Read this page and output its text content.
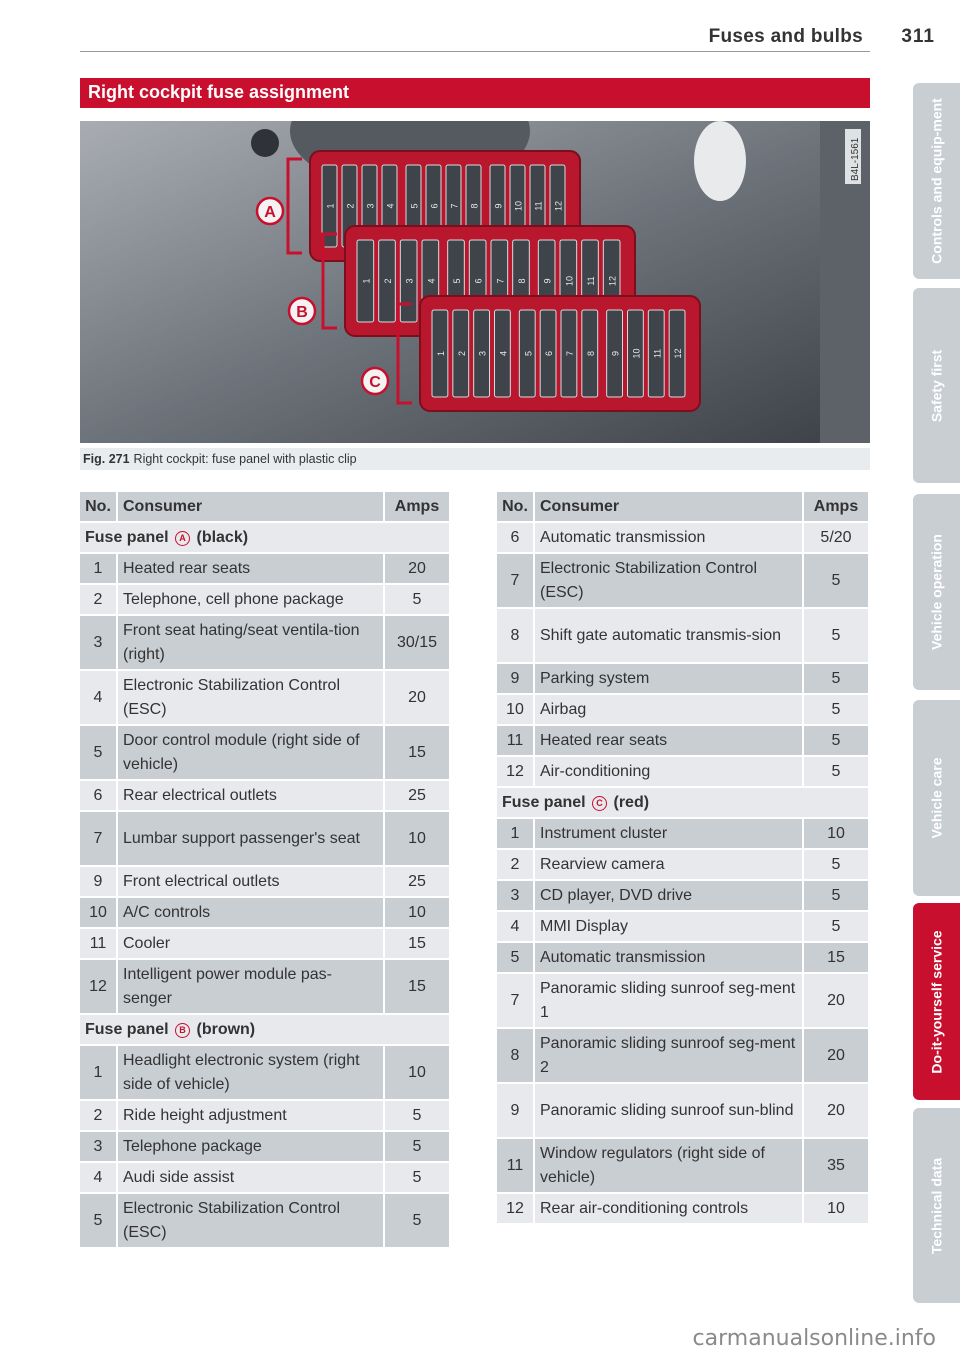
Fuses and bulbs 311
Right cockpit fuse assignment
B4L-1561
1 2 3 4 5 6 7 8 9 10 11 12
A
1 2 3 4 5 6 7 8 9 10 11 12
B
1 2 3 4 5 6 7 8 9 10 11 12
C
Fig. 271 Right cockpit: fuse panel with plastic clip
No.	Consumer	Amps
Fuse panel A (black)		
1	Heated rear seats	20
2	Telephone, cell phone package	5
3	Front seat hating/seat ventila-tion (right)	30/15
4	Electronic Stabilization Control (ESC)	20
5	Door control module (right side of vehicle)	15
6	Rear electrical outlets	25
7	Lumbar support passenger's seat	10
9	Front electrical outlets	25
10	A/C controls	10
11	Cooler	15
12	Intelligent power module pas-senger	15
Fuse panel B (brown)		
1	Headlight electronic system (right side of vehicle)	10
2	Ride height adjustment	5
3	Telephone package	5
4	Audi side assist	5
5	Electronic Stabilization Control (ESC)	5
No.	Consumer	Amps
6	Automatic transmission	5/20
7	Electronic Stabilization Control (ESC)	5
8	Shift gate automatic transmis-sion	5
9	Parking system	5
10	Airbag	5
11	Heated rear seats	5
12	Air-conditioning	5
Fuse panel C (red)		
1	Instrument cluster	10
2	Rearview camera	5
3	CD player, DVD drive	5
4	MMI Display	5
5	Automatic transmission	15
7	Panoramic sliding sunroof seg-ment 1	20
8	Panoramic sliding sunroof seg-ment 2	20
9	Panoramic sliding sunroof sun-blind	20
11	Window regulators (right side of vehicle)	35
12	Rear air-conditioning controls	10
Controls and equip-ment
Safety first
Vehicle operation
Vehicle care
Do-it-yourself service
Technical data
carmanualsonline.info
